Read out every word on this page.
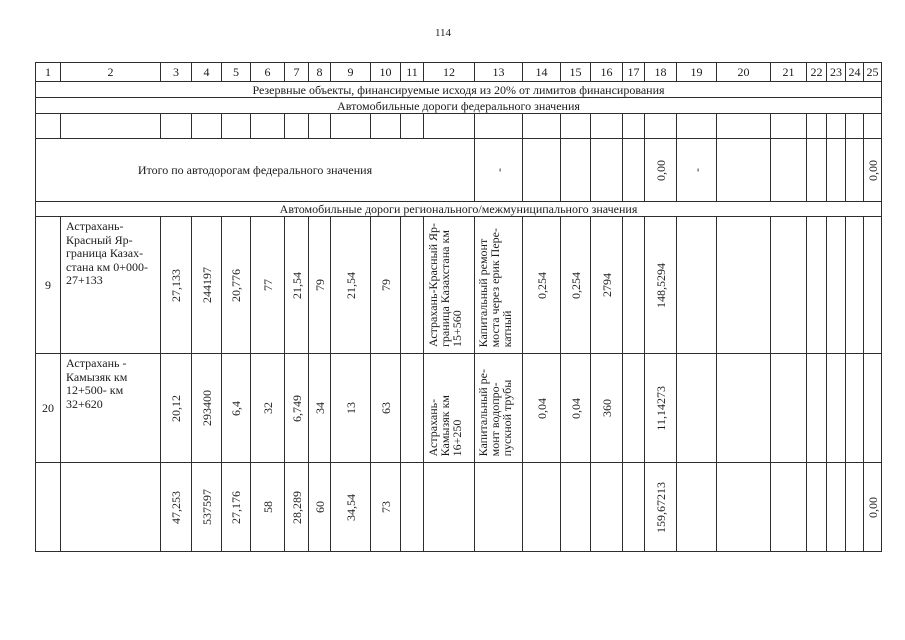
114
1	2	3	4	5	6	7	8	9	10	11	12	13	14	15	16	17	18	19	20	21	22	23	24	25
Резервные объекты, финансируемые исходя из 20% от лимитов финансирования																								
Автомобильные дороги федерального значения																								

Итого по автодорогам федерального значения												-					0,00	-						0,00
Автомобильные дороги регионального/межмуниципального значения																								
9	Астрахань-
Красный Яр-
граница Казах-
стана км 0+000-
27+133	27,133	244197	20,776	77	21,54	79	21,54	79		Астрахань-Красный Яр-
граница Казахстана км
15+560	Капитальный ремонт
моста через ерик Пере-
катный	0,254	0,254	2794		148,5294							
20	Астрахань -
Камызяк км
12+500- км
32+620	20,12	293400	6,4	32	6,749	34	13	63		Астрахань-
Камызяк км
16+250	Капитальный ре-
монт водопро-
пускной трубы	0,04	0,04	360		11,14273							
		47,253	537597	27,176	58	28,289	60	34,54	73								159,67213							0,00
